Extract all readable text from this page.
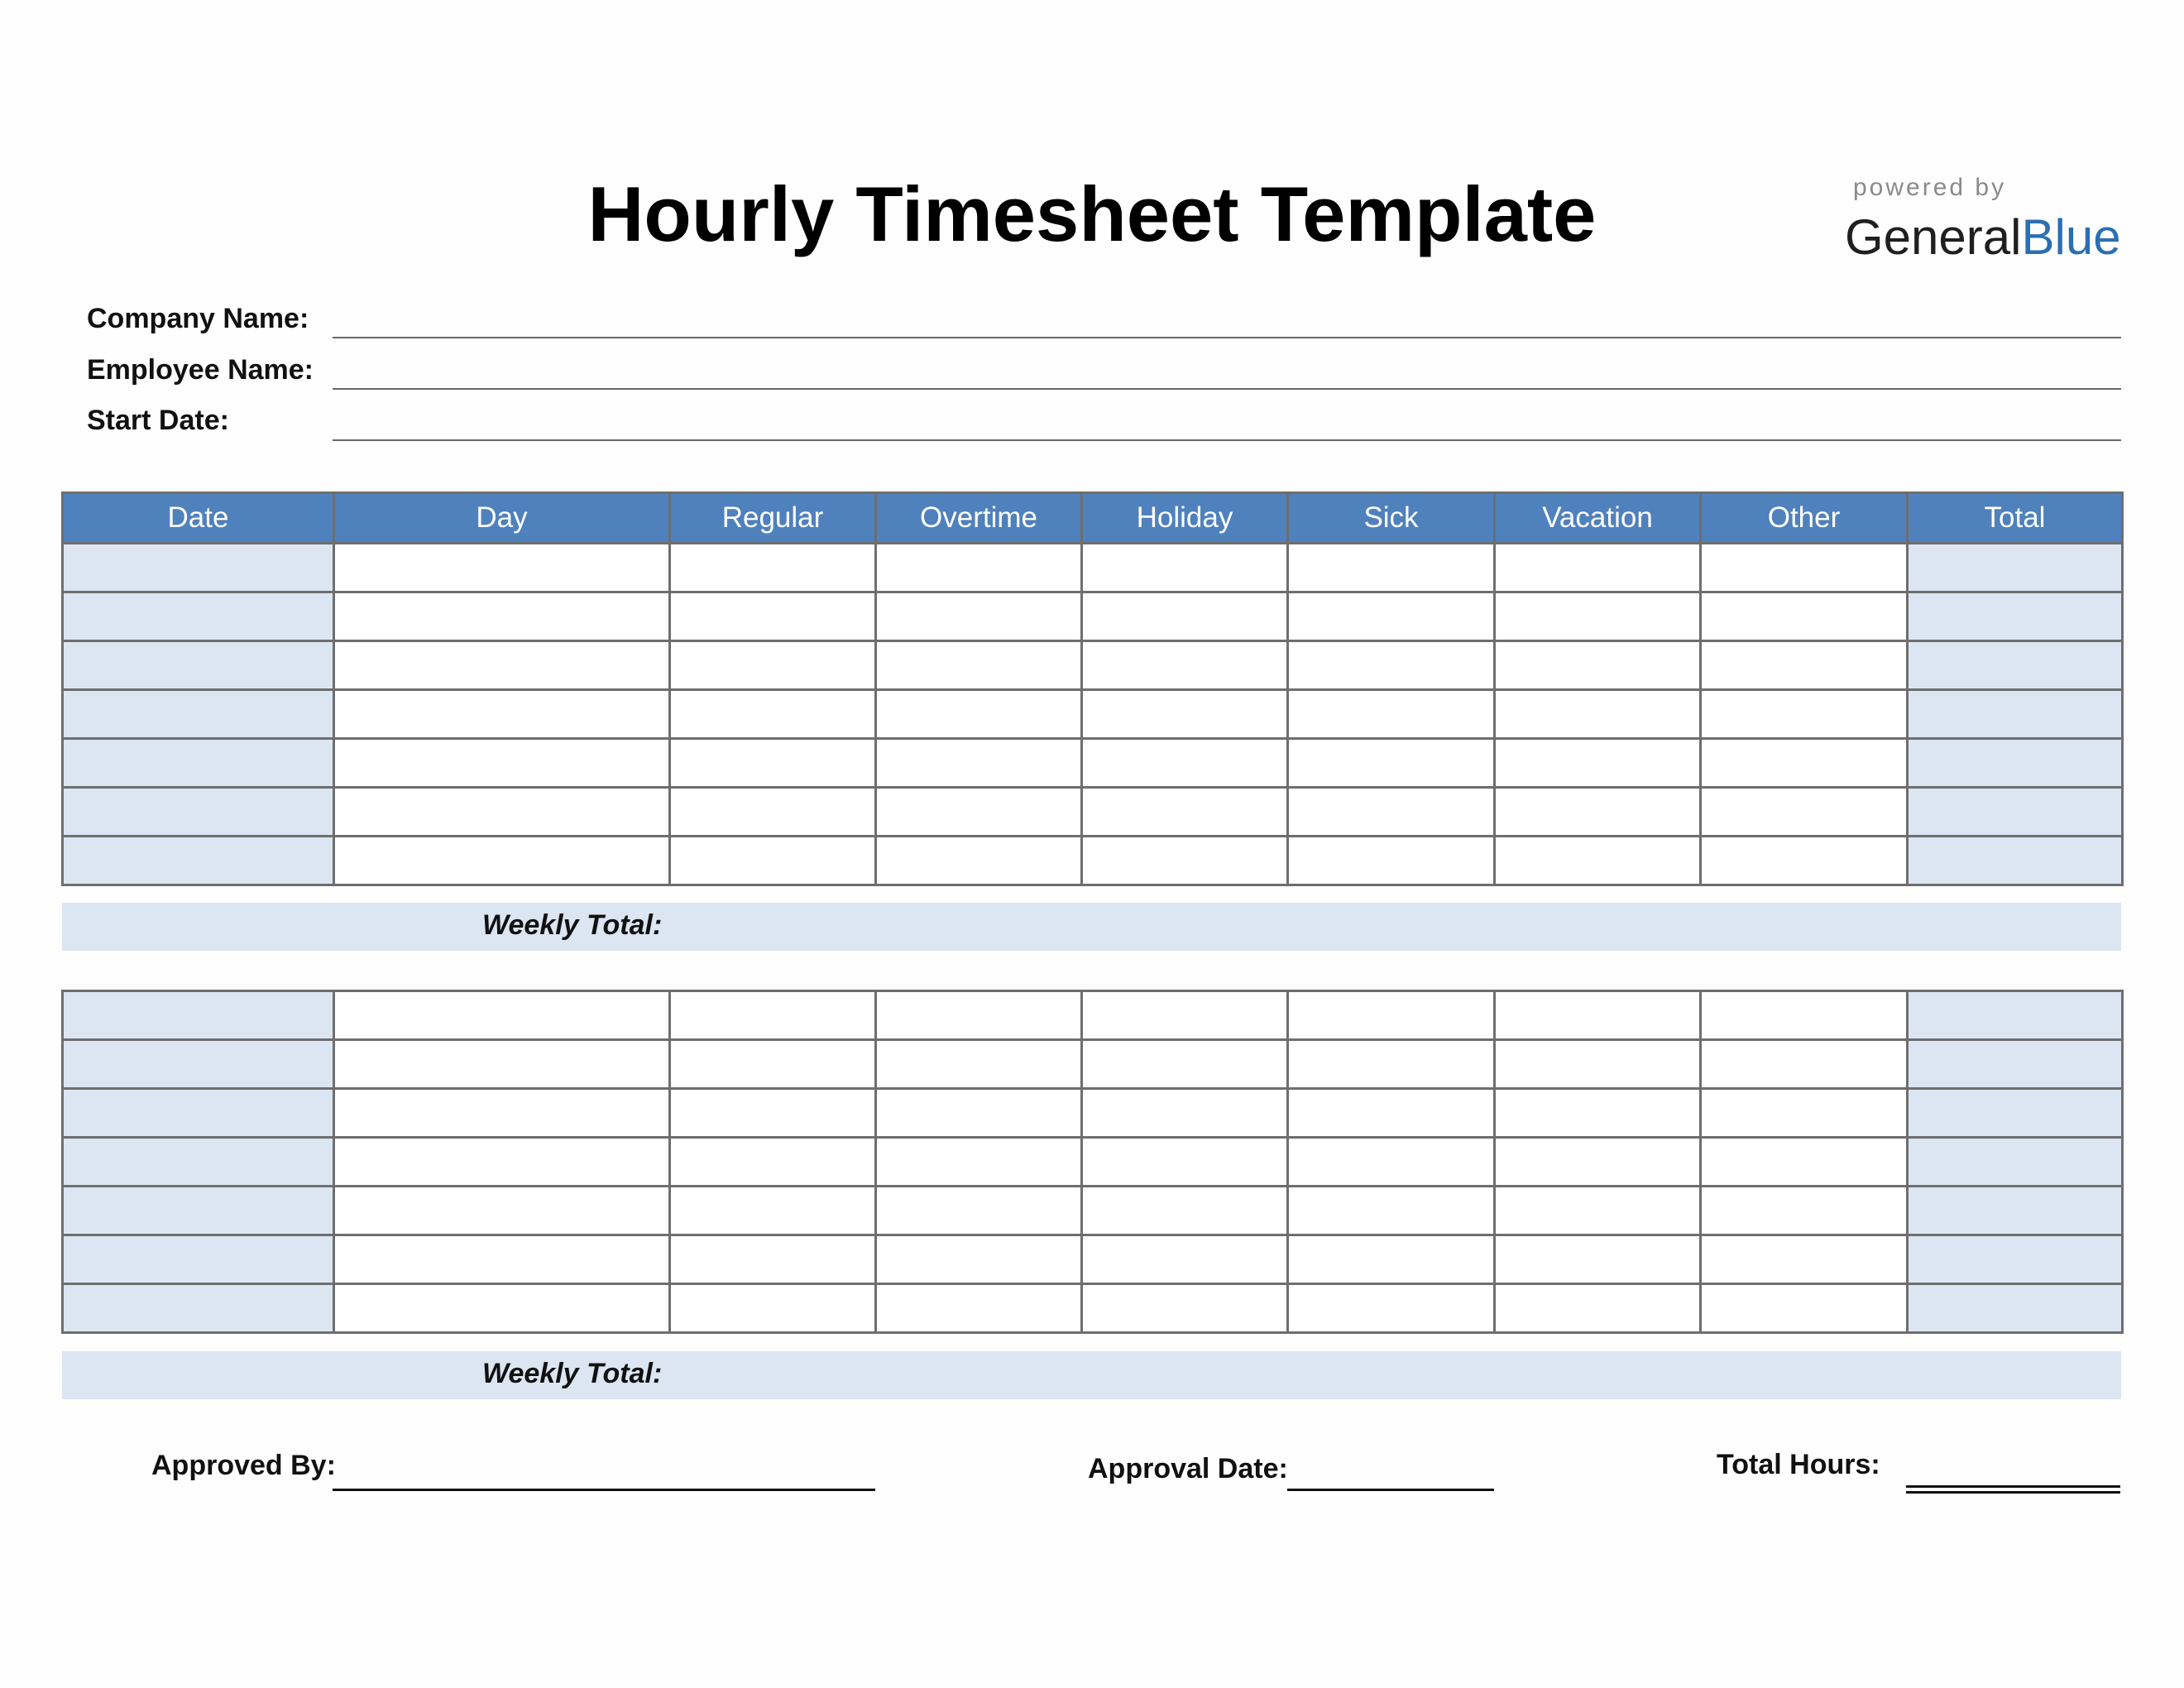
Hourly Timesheet Template	powered by
GeneralBlue
Company Name:
Employee Name:
Start Date:
Date	Day	Regular	Overtime	Holiday	Sick	Vacation	Other	Total

Weekly Total:

Weekly Total:
Approved By:	Approval Date:	Total Hours:
